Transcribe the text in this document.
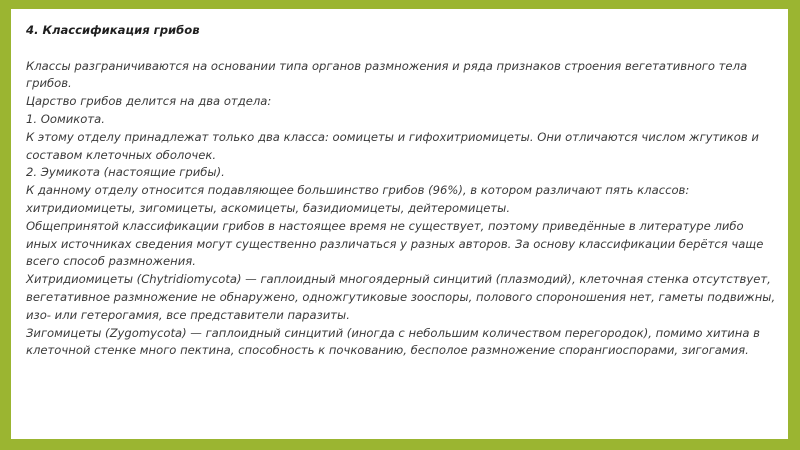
4. Классификация грибов

Классы разграничиваются на основании типа органов размножения и ряда признаков строения вегетативного тела грибов.

Царство грибов делится на два отдела:

1. Оомикота.

К этому отделу принадлежат только два класса: оомицеты и гифохитриомицеты. Они отличаются числом жгутиков и составом клеточных оболочек.

2. Эумикота (настоящие грибы).

К данному отделу относится подавляющее большинство грибов (96%), в котором различают пять классов: хитридиомицеты, зигомицеты, аскомицеты, базидиомицеты, дейтеромицеты.

Общепринятой классификации грибов в настоящее время не существует, поэтому приведённые в литературе либо иных источниках сведения могут существенно различаться у разных авторов. За основу классификации берётся чаще всего способ размножения.

Хитридиомицеты (Chytridiomycota) — гаплоидный многоядерный синцитий (плазмодий), клеточная стенка отсутствует, вегетативное размножение не обнаружено, одножгутиковые зооспоры, полового спороношения нет, гаметы подвижны, изо- или гетерогамия, все представители паразиты.

Зигомицеты (Zygomycota) — гаплоидный синцитий (иногда с небольшим количеством перегородок), помимо хитина в клеточной стенке много пектина, способность к почкованию, бесполое размножение спорангиоспорами, зигогамия.
